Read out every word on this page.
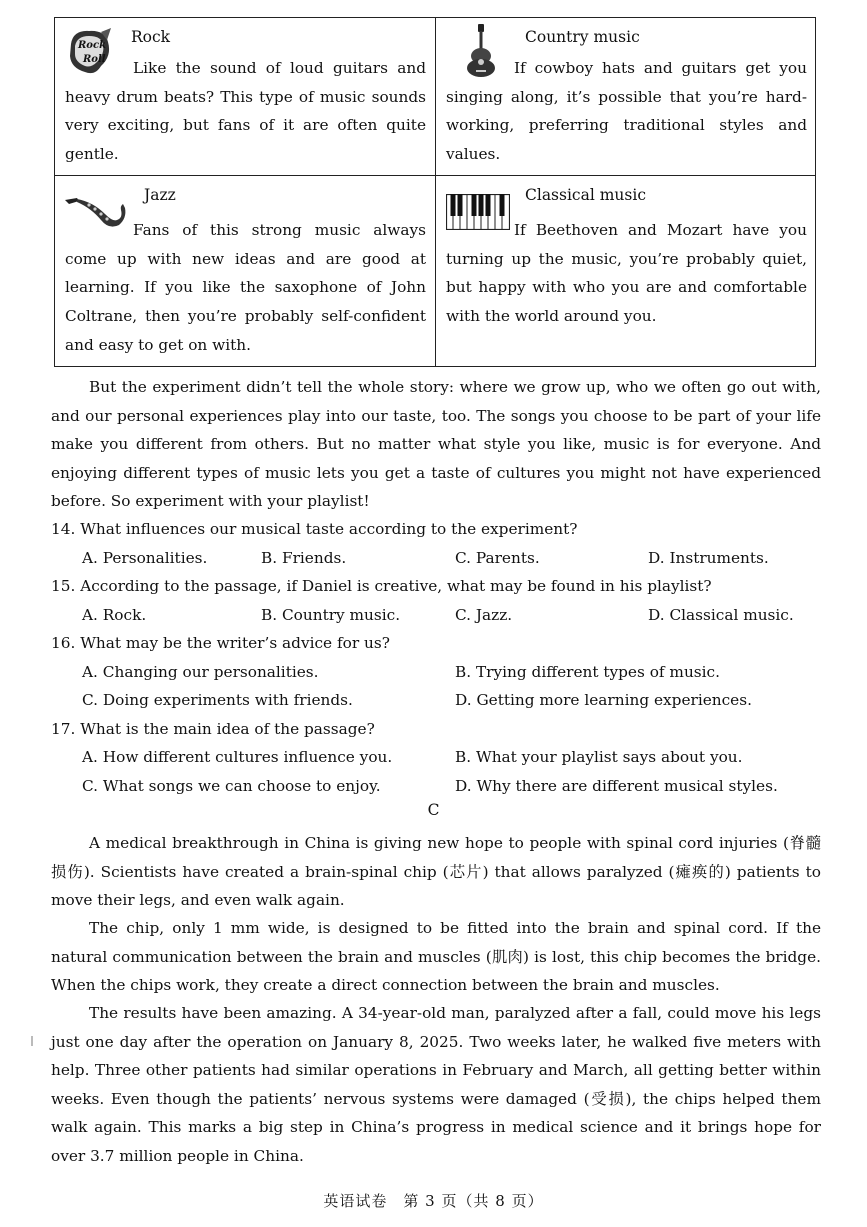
Rock
Roll
Rock
Like the sound of loud guitars and heavy drum beats? This type of music sounds very exciting, but fans of it are often quite gentle.
Country music
If cowboy hats and guitars get you singing along, it’s possible that you’re hard-working, preferring traditional styles and values.
Jazz
Fans of this strong music always come up with new ideas and are good at learning. If you like the saxophone of John Coltrane, then you’re probably self-confident and easy to get on with.
Classical music
If Beethoven and Mozart have you turning up the music, you’re probably quiet, but happy with who you are and comfortable with the world around you.
But the experiment didn’t tell the whole story: where we grow up, who we often go out with, and our personal experiences play into our taste, too. The songs you choose to be part of your life make you different from others. But no matter what style you like, music is for everyone. And enjoying different types of music lets you get a taste of cultures you might not have experienced before. So experiment with your playlist!
14. What influences our musical taste according to the experiment?
A. Personalities.	B. Friends.	C. Parents.	D. Instruments.
15. According to the passage, if Daniel is creative, what may be found in his playlist?
A. Rock.	B. Country music.	C. Jazz.	D. Classical music.
16. What may be the writer’s advice for us?
A. Changing our personalities.	B. Trying different types of music.
C. Doing experiments with friends.	D. Getting more learning experiences.
17. What is the main idea of the passage?
A. How different cultures influence you.	B. What your playlist says about you.
C. What songs we can choose to enjoy.	D. Why there are different musical styles.
C
A medical breakthrough in China is giving new hope to people with spinal cord injuries (脊髓损伤). Scientists have created a brain-spinal chip (芯片) that allows paralyzed (瘫痪的) patients to move their legs, and even walk again.
The chip, only 1 mm wide, is designed to be fitted into the brain and spinal cord. If the natural communication between the brain and muscles (肌肉) is lost, this chip becomes the bridge. When the chips work, they create a direct connection between the brain and muscles.
The results have been amazing. A 34-year-old man, paralyzed after a fall, could move his legs just one day after the operation on January 8, 2025. Two weeks later, he walked five meters with help. Three other patients had similar operations in February and March, all getting better within weeks. Even though the patients’ nervous systems were damaged (受损), the chips helped them walk again. This marks a big step in China’s progress in medical science and it brings hope for over 3.7 million people in China.
英语试卷　第 3 页（共 8 页）
